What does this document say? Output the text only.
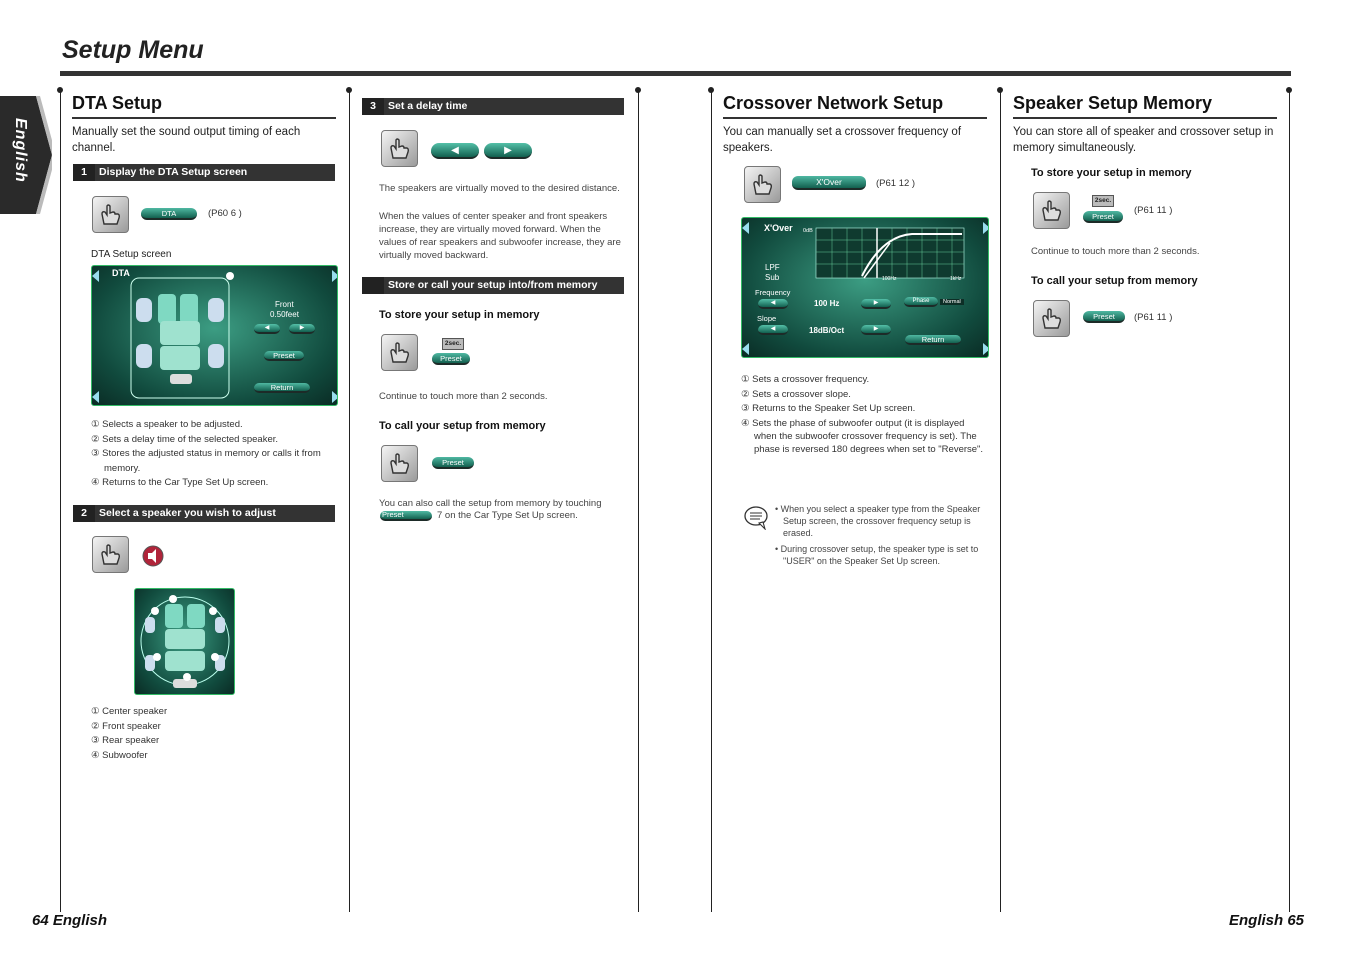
Setup Menu
English
DTA Setup
Manually set the sound output timing of each channel.
1	Display the DTA Setup screen
DTA	(P60 6 )
DTA Setup screen
DTA
Front
0.50feet
◀	▶
Preset
Return
① Selects a speaker to be adjusted.
② Sets a delay time of the selected speaker.
③ Stores the adjusted status in memory or calls it from memory.
④ Returns to the Car Type Set Up screen.
2	Select a speaker you wish to adjust
① Center speaker
② Front speaker
③ Rear speaker
④ Subwoofer
3	Set a delay time
◀	▶
The speakers are virtually moved to the desired distance.
When the values of center speaker and front speakers increase, they are virtually moved forward. When the values of rear speakers and subwoofer increase, they are virtually moved backward.
Store or call your setup into/from memory
To store your setup in memory
2sec.
Preset
Continue to touch more than 2 seconds.
To call your setup from memory
Preset
You can also call the setup from memory by touching
Preset	7 on the Car Type Set Up screen.
Crossover Network Setup
You can manually set a crossover frequency of speakers.
X'Over	(P61 12 )
X'Over 0dB
LPF
Sub	100Hz	1kHz
Frequency
◀	100 Hz	▶	Phase	Normal
Slope
◀	18dB/Oct	▶
Return
① Sets a crossover frequency.
② Sets a crossover slope.
③ Returns to the Speaker Set Up screen.
④ Sets the phase of subwoofer output (it is displayed when the subwoofer crossover frequency is set). The phase is reversed 180 degrees when set to "Reverse".
• When you select a speaker type from the Speaker Setup screen, the crossover frequency setup is erased.
• During crossover setup, the speaker type is set to "USER" on the Speaker Set Up screen.
Speaker Setup Memory
You can store all of speaker and crossover setup in memory simultaneously.
To store your setup in memory
2sec.
Preset
(P61 11 )
Continue to touch more than 2 seconds.
To call your setup from memory
Preset	(P61 11 )
64 English	English 65
